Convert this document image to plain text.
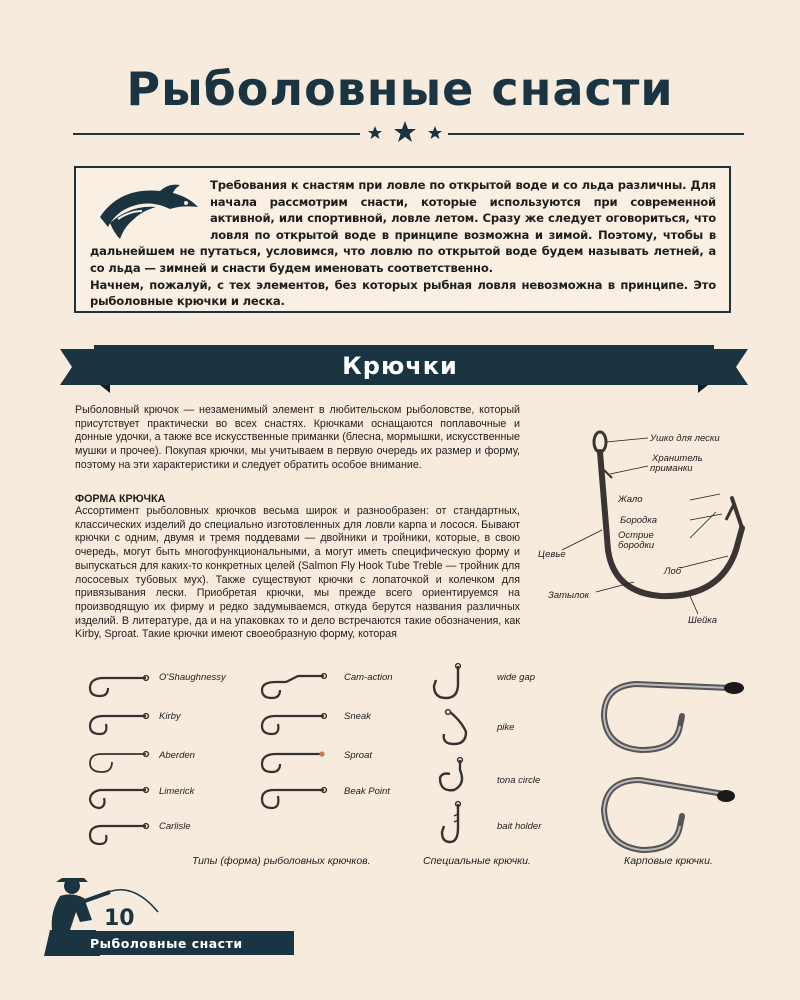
Рыболовные снасти
Требования к снастям при ловле по открытой воде и со льда различны. Для начала рассмотрим снасти, которые используются при современной активной, или спортивной, ловле летом. Сразу же следует оговориться, что ловля по открытой воде в принципе возможна и зимой. Поэтому, чтобы в дальнейшем не путаться, условимся, что ловлю по открытой воде будем называть летней, а со льда — зимней и снасти будем именовать соответственно.
Начнем, пожалуй, с тех элементов, без которых рыбная ловля невозможна в принципе. Это рыболовные крючки и леска.
Крючки
Рыболовный крючок — незаменимый элемент в любительском рыболовстве, который присутствует практически во всех снастях. Крючками оснащаются поплавочные и донные удочки, а также все искусственные приманки (блесна, мормышки, искусственные мушки и прочее). Покупая крючки, мы учитываем в первую очередь их размер и форму, поэтому на эти характеристики и следует обратить особое внимание.
ФОРМА КРЮЧКА
Ассортимент рыболовных крючков весьма широк и разнообразен: от стандартных, классических изделий до специально изготовленных для ловли карпа и лосося. Бывают крючки с одним, двумя и тремя поддевами — двойники и тройники, которые, в свою очередь, могут быть многофункциональными, а могут иметь специфическую форму и выпускаться для каких-то конкретных целей (Salmon Fly Hook Tube Treble — тройник для лососевых тубовых мух). Также существуют крючки с лопаточкой и колечком для привязывания лески. Приобретая крючки, мы прежде всего ориентируемся на производящую их фирму и редко задумываемся, откуда берутся названия различных изделий. В литературе, да и на упаковках то и дело встречаются такие обозначения, как Kirby, Sproat. Такие крючки имеют своеобразную форму, которая
Ушко для лески
Хранитель
приманки
Жало
Бородка
Острие
бородки
Цевье
Лоб
Затылок
Шейка
O'Shaughnessy
Kirby
Aberden
Limerick
Carlisle
Cam-action
Sneak
Sproat
Beak Point
wide gap
pike
tona circle
bait holder
Типы (форма) рыболовных крючков.	Специальные крючки.	Карповые крючки.
10
Рыболовные снасти
